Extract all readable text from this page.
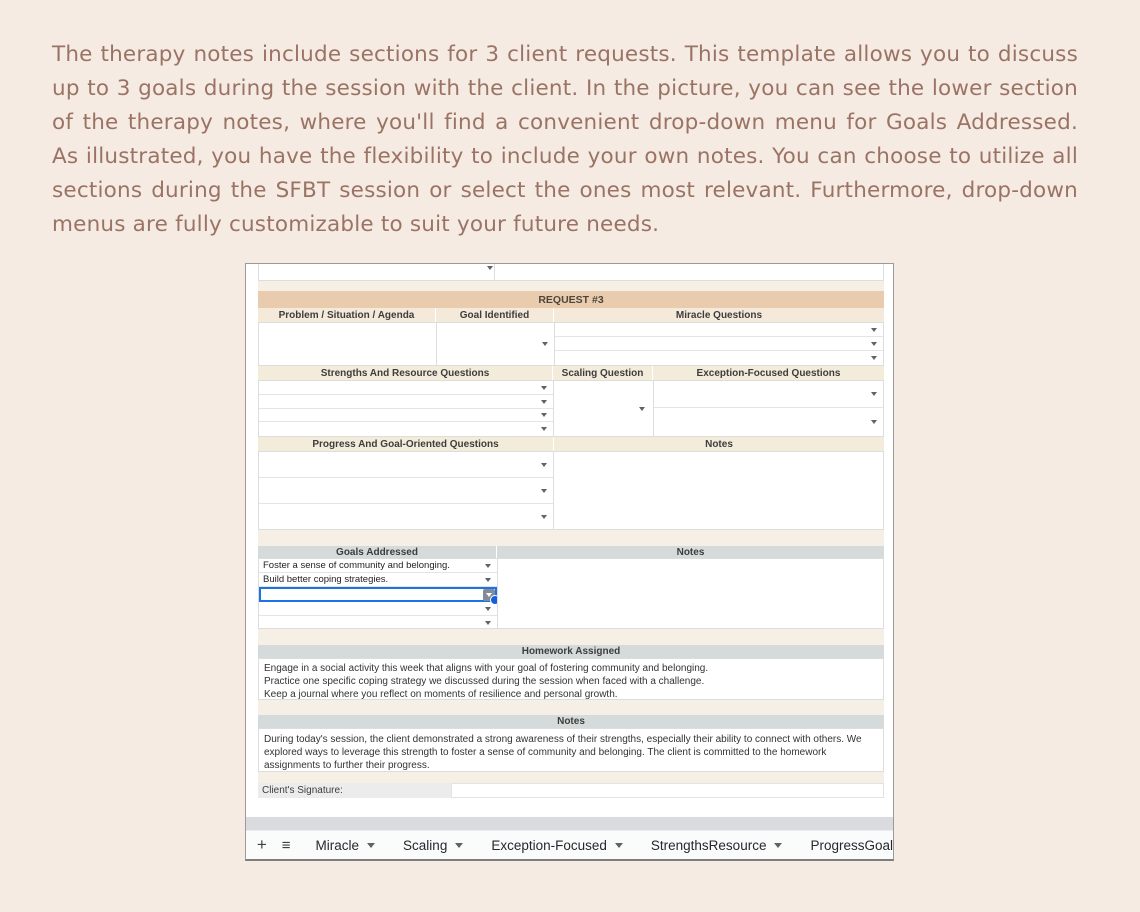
The therapy notes include sections for 3 client requests. This template allows you to discuss up to 3 goals during the session with the client. In the picture, you can see the lower section of the therapy notes, where you'll find a convenient drop-down menu for Goals Addressed. As illustrated, you have the flexibility to include your own notes. You can choose to utilize all sections during the SFBT session or select the ones most relevant. Furthermore, drop-down menus are fully customizable to suit your future needs.

REQUEST #3
Problem / Situation / Agenda	Goal Identified	Miracle Questions
Strengths And Resource Questions	Scaling Question	Exception-Focused Questions
Progress And Goal-Oriented Questions	Notes
Goals Addressed	Notes
Foster a sense of community and belonging.
Build better coping strategies.
Homework Assigned
Engage in a social activity this week that aligns with your goal of fostering community and belonging.
Practice one specific coping strategy we discussed during the session when faced with a challenge.
Keep a journal where you reflect on moments of resilience and personal growth.
Notes
During today's session, the client demonstrated a strong awareness of their strengths, especially their ability to connect with others. We explored ways to leverage this strength to foster a sense of community and belonging. The client is committed to the homework assignments to further their progress.
Client's Signature:
+ ≡ Miracle	Scaling	Exception-Focused	StrengthsResource	ProgressGoal
